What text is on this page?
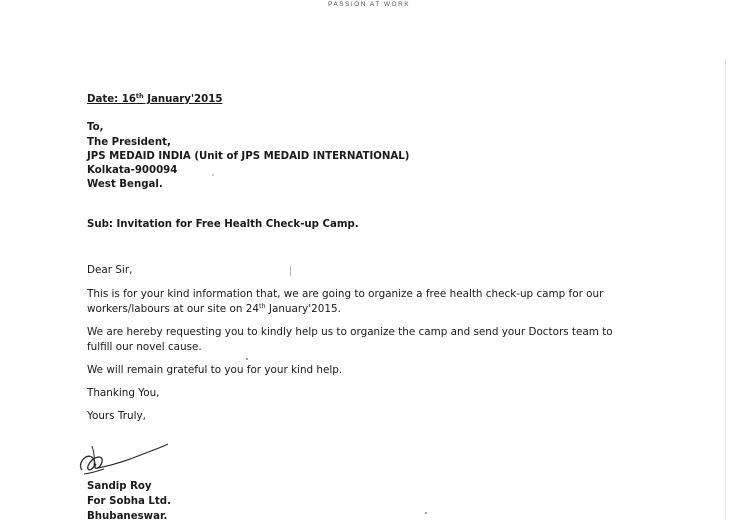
PASSION AT WORK
Date: 16th January'2015
To,
The President,
JPS MEDAID INDIA (Unit of JPS MEDAID INTERNATIONAL)
Kolkata-900094
West Bengal.
Sub: Invitation for Free Health Check-up Camp.
Dear Sir,
This is for your kind information that, we are going to organize a free health check-up camp for our
workers/labours at our site on 24th January'2015.
We are hereby requesting you to kindly help us to organize the camp and send your Doctors team to
fulfill our novel cause.
We will remain grateful to you for your kind help.
Thanking You,
Yours Truly,
Sandip Roy
For Sobha Ltd.
Bhubaneswar.
